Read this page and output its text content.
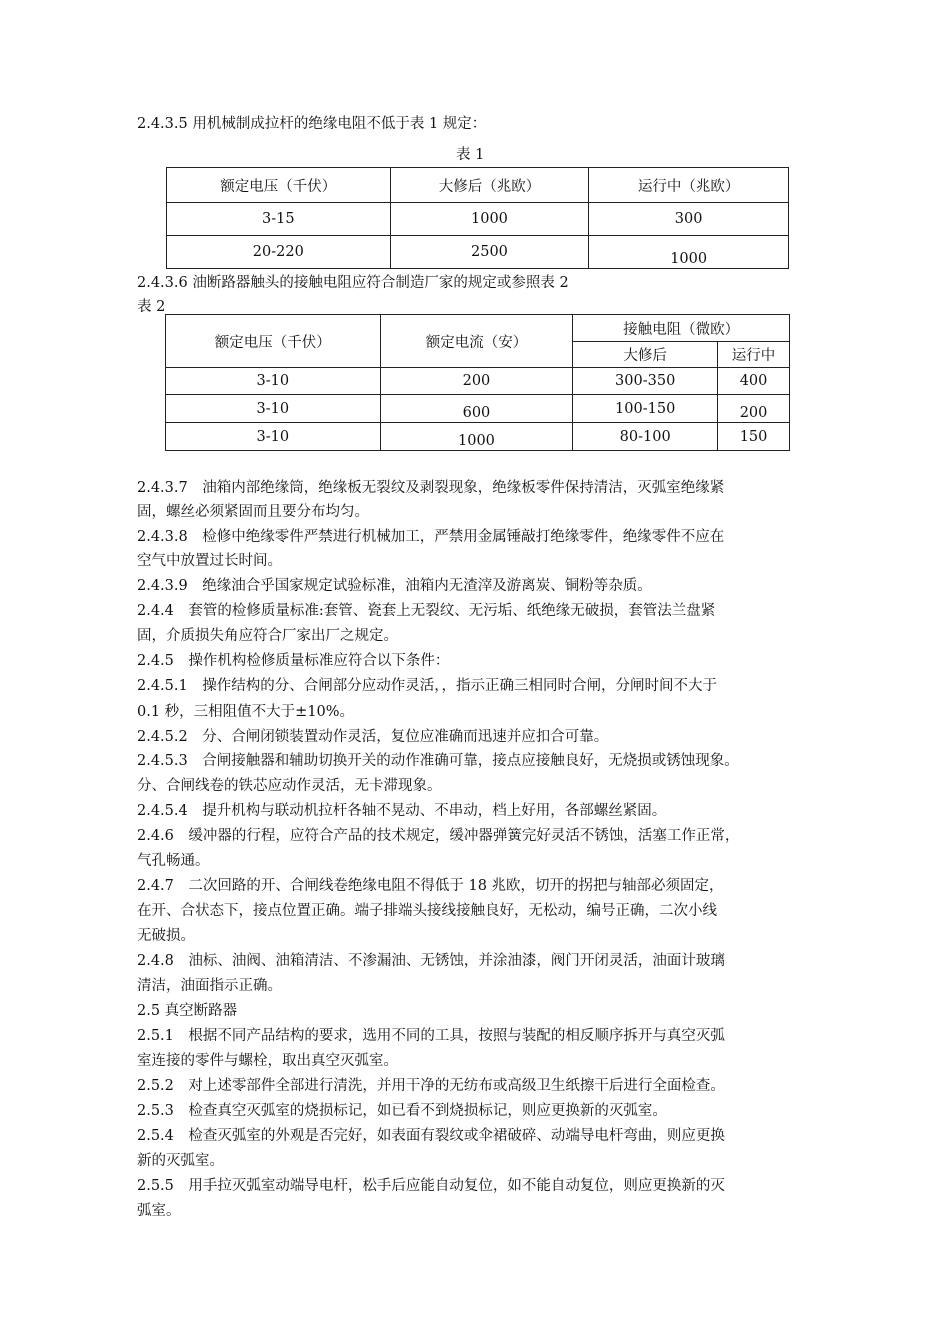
2.4.3.5 用机械制成拉杆的绝缘电阻不低于表 1 规定：
表 1
额定电压（千伏）	大修后（兆欧）	运行中（兆欧）
3-15	1000	300
20-220	2500	1000
2.4.3.6 油断路器触头的接触电阻应符合制造厂家的规定或参照表 2
表 2
额定电压（千伏）	额定电流（安）	接触电阻（微欧）	
		大修后	运行中
3-10	200	300-350	400
3-10	600	100-150	200
3-10	1000	80-100	150
2.4.3.7　油箱内部绝缘筒，绝缘板无裂纹及剥裂现象，绝缘板零件保持清洁，灭弧室绝缘紧
固，螺丝必须紧固而且要分布均匀。
2.4.3.8　检修中绝缘零件严禁进行机械加工，严禁用金属锤敲打绝缘零件，绝缘零件不应在
空气中放置过长时间。
2.4.3.9　绝缘油合乎国家规定试验标准，油箱内无渣滓及游离炭、铜粉等杂质。
2.4.4　套管的检修质量标准:套管、瓷套上无裂纹、无污垢、纸绝缘无破损，套管法兰盘紧
固，介质损失角应符合厂家出厂之规定。
2.4.5　操作机构检修质量标准应符合以下条件：
2.4.5.1　操作结构的分、合闸部分应动作灵活，，指示正确三相同时合闸，分闸时间不大于
0.1 秒，三相阻值不大于±10%。
2.4.5.2　分、合闸闭锁装置动作灵活，复位应准确而迅速并应扣合可靠。
2.4.5.3　合闸接触器和辅助切换开关的动作准确可靠，接点应接触良好，无烧损或锈蚀现象。
分、合闸线卷的铁芯应动作灵活，无卡滞现象。
2.4.5.4　提升机构与联动机拉杆各轴不晃动、不串动，档上好用，各部螺丝紧固。
2.4.6　缓冲器的行程，应符合产品的技术规定，缓冲器弹簧完好灵活不锈蚀，活塞工作正常，
气孔畅通。
2.4.7　二次回路的开、合闸线卷绝缘电阻不得低于 18 兆欧，切开的拐把与轴部必须固定，
在开、合状态下，接点位置正确。端子排端头接线接触良好，无松动，编号正确，二次小线
无破损。
2.4.8　油标、油阀、油箱清洁、不渗漏油、无锈蚀，并涂油漆，阀门开闭灵活，油面计玻璃
清洁，油面指示正确。
2.5 真空断路器
2.5.1　根据不同产品结构的要求，选用不同的工具，按照与装配的相反顺序拆开与真空灭弧
室连接的零件与螺栓，取出真空灭弧室。
2.5.2　对上述零部件全部进行清洗，并用干净的无纺布或高级卫生纸擦干后进行全面检查。
2.5.3　检查真空灭弧室的烧损标记，如已看不到烧损标记，则应更换新的灭弧室。
2.5.4　检查灭弧室的外观是否完好，如表面有裂纹或伞裙破碎、动端导电杆弯曲，则应更换
新的灭弧室。
2.5.5　用手拉灭弧室动端导电杆，松手后应能自动复位，如不能自动复位，则应更换新的灭
弧室。
